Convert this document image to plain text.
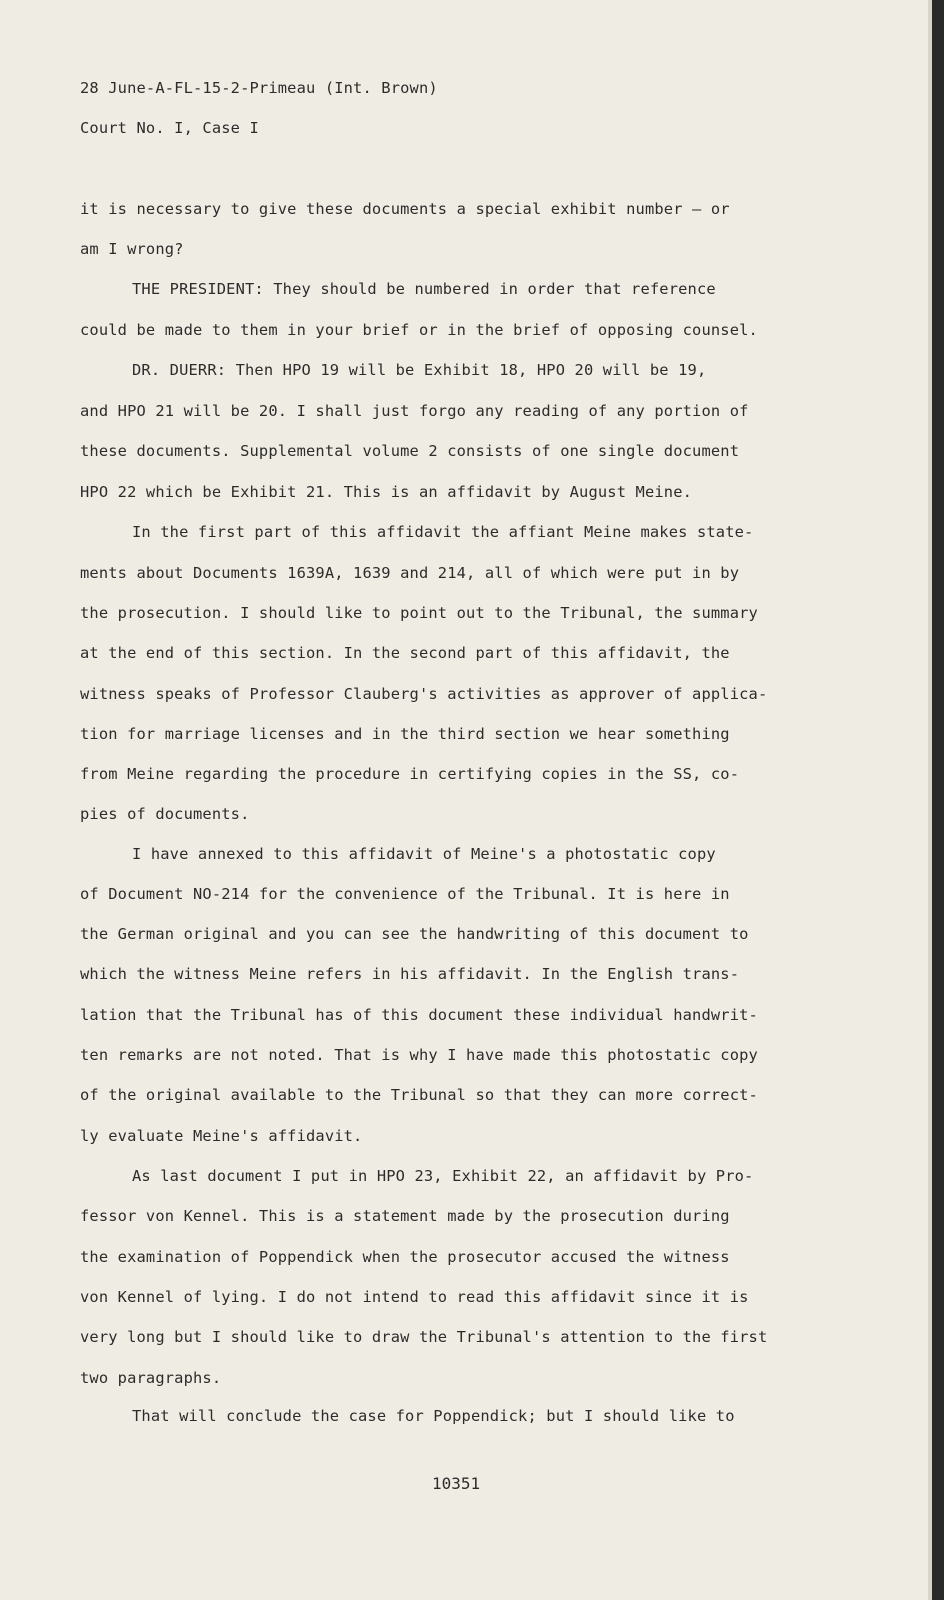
28 June-A-FL-15-2-Primeau (Int. Brown)
Court No. I, Case I
it is necessary to give these documents a special exhibit number — or
am I wrong?
THE PRESIDENT: They should be numbered in order that reference
could be made to them in your brief or in the brief of opposing counsel.
DR. DUERR: Then HPO 19 will be Exhibit 18, HPO 20 will be 19,
and HPO 21 will be 20. I shall just forgo any reading of any portion of
these documents. Supplemental volume 2 consists of one single document
HPO 22 which be Exhibit 21. This is an affidavit by August Meine.
In the first part of this affidavit the affiant Meine makes state-
ments about Documents 1639A, 1639 and 214, all of which were put in by
the prosecution. I should like to point out to the Tribunal, the summary
at the end of this section. In the second part of this affidavit, the
witness speaks of Professor Clauberg's activities as approver of applica-
tion for marriage licenses and in the third section we hear something
from Meine regarding the procedure in certifying copies in the SS, co-
pies of documents.
I have annexed to this affidavit of Meine's a photostatic copy
of Document NO-214 for the convenience of the Tribunal. It is here in
the German original and you can see the handwriting of this document to
which the witness Meine refers in his affidavit. In the English trans-
lation that the Tribunal has of this document these individual handwrit-
ten remarks are not noted. That is why I have made this photostatic copy
of the original available to the Tribunal so that they can more correct-
ly evaluate Meine's affidavit.
As last document I put in HPO 23, Exhibit 22, an affidavit by Pro-
fessor von Kennel. This is a statement made by the prosecution during
the examination of Poppendick when the prosecutor accused the witness
von Kennel of lying. I do not intend to read this affidavit since it is
very long but I should like to draw the Tribunal's attention to the first
two paragraphs.
That will conclude the case for Poppendick; but I should like to
10351
